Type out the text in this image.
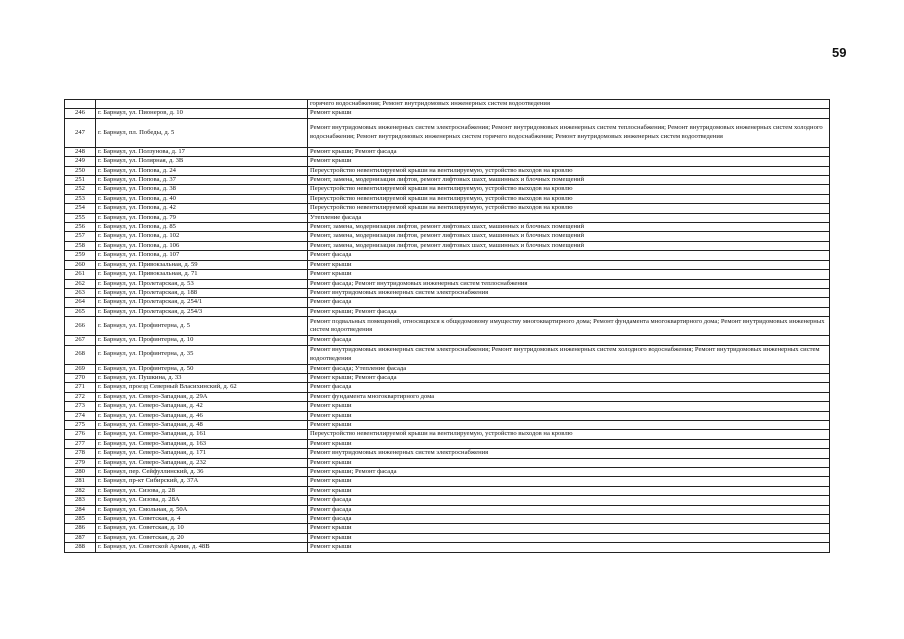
59
		горячего водоснабжения; Ремонт внутридомовых инженерных систем водоотведения
246	г. Барнаул, ул. Пионеров, д. 10	Ремонт крыши
247	г. Барнаул, пл. Победы, д. 5	Ремонт внутридомовых инженерных систем электроснабжения; Ремонт внутридомовых инженерных систем теплоснабжения; Ремонт внутридомовых инженерных систем холодного водоснабжения; Ремонт внутридомовых инженерных систем горячего водоснабжения; Ремонт внутридомовых инженерных систем водоотведения
248	г. Барнаул, ул. Ползунова, д. 17	Ремонт крыши; Ремонт фасада
249	г. Барнаул, ул. Полярная, д. 3В	Ремонт крыши
250	г. Барнаул, ул. Попова, д. 24	Переустройство невентилируемой крыши на вентилируемую, устройство выходов на кровлю
251	г. Барнаул, ул. Попова, д. 37	Ремонт, замена, модернизация лифтов, ремонт лифтовых шахт, машинных и блочных помещений
252	г. Барнаул, ул. Попова, д. 38	Переустройство невентилируемой крыши на вентилируемую, устройство выходов на кровлю
253	г. Барнаул, ул. Попова, д. 40	Переустройство невентилируемой крыши на вентилируемую, устройство выходов на кровлю
254	г. Барнаул, ул. Попова, д. 42	Переустройство невентилируемой крыши на вентилируемую, устройство выходов на кровлю
255	г. Барнаул, ул. Попова, д. 79	Утепление фасада
256	г. Барнаул, ул. Попова, д. 85	Ремонт, замена, модернизация лифтов, ремонт лифтовых шахт, машинных и блочных помещений
257	г. Барнаул, ул. Попова, д. 102	Ремонт, замена, модернизация лифтов, ремонт лифтовых шахт, машинных и блочных помещений
258	г. Барнаул, ул. Попова, д. 106	Ремонт, замена, модернизация лифтов, ремонт лифтовых шахт, машинных и блочных помещений
259	г. Барнаул, ул. Попова, д. 107	Ремонт фасада
260	г. Барнаул, ул. Привокзальная, д. 59	Ремонт крыши
261	г. Барнаул, ул. Привокзальная, д. 71	Ремонт крыши
262	г. Барнаул, ул. Пролетарская, д. 53	Ремонт фасада; Ремонт внутридомовых инженерных систем теплоснабжения
263	г. Барнаул, ул. Пролетарская, д. 188	Ремонт внутридомовых инженерных систем электроснабжения
264	г. Барнаул, ул. Пролетарская, д. 254/1	Ремонт фасада
265	г. Барнаул, ул. Пролетарская, д. 254/3	Ремонт крыши; Ремонт фасада
266	г. Барнаул, ул. Профинтерна, д. 5	Ремонт подвальных помещений, относящихся к общедомовому имуществу многоквартирного дома; Ремонт фундамента многоквартирного дома; Ремонт внутридомовых инженерных систем водоотведения
267	г. Барнаул, ул. Профинтерна, д. 10	Ремонт фасада
268	г. Барнаул, ул. Профинтерна, д. 35	Ремонт внутридомовых инженерных систем электроснабжения; Ремонт внутридомовых инженерных систем холодного водоснабжения; Ремонт внутридомовых инженерных систем водоотведения
269	г. Барнаул, ул. Профинтерна, д. 50	Ремонт фасада; Утепление фасада
270	г. Барнаул, ул. Пушкина, д. 33	Ремонт крыши; Ремонт фасада
271	г. Барнаул, проезд Северный Власихинский, д. 62	Ремонт фасада
272	г. Барнаул, ул. Северо-Западная, д. 29А	Ремонт фундамента многоквартирного дома
273	г. Барнаул, ул. Северо-Западная, д. 42	Ремонт крыши
274	г. Барнаул, ул. Северо-Западная, д. 46	Ремонт крыши
275	г. Барнаул, ул. Северо-Западная, д. 48	Ремонт крыши
276	г. Барнаул, ул. Северо-Западная, д. 161	Переустройство невентилируемой крыши на вентилируемую, устройство выходов на кровлю
277	г. Барнаул, ул. Северо-Западная, д. 163	Ремонт крыши
278	г. Барнаул, ул. Северо-Западная, д. 171	Ремонт внутридомовых инженерных систем электроснабжения
279	г. Барнаул, ул. Северо-Западная, д. 232	Ремонт крыши
280	г. Барнаул, пер. Сейфуллинский, д. 36	Ремонт крыши; Ремонт фасада
281	г. Барнаул, пр-кт Сибирский, д. 37А	Ремонт крыши
282	г. Барнаул, ул. Сизова, д. 28	Ремонт крыши
283	г. Барнаул, ул. Сизова, д. 28А	Ремонт фасада
284	г. Барнаул, ул. Смольная, д. 50А	Ремонт фасада
285	г. Барнаул, ул. Советская, д. 4	Ремонт фасада
286	г. Барнаул, ул. Советская, д. 10	Ремонт крыши
287	г. Барнаул, ул. Советская, д. 20	Ремонт крыши
288	г. Барнаул, ул. Советской Армии, д. 48В	Ремонт крыши
